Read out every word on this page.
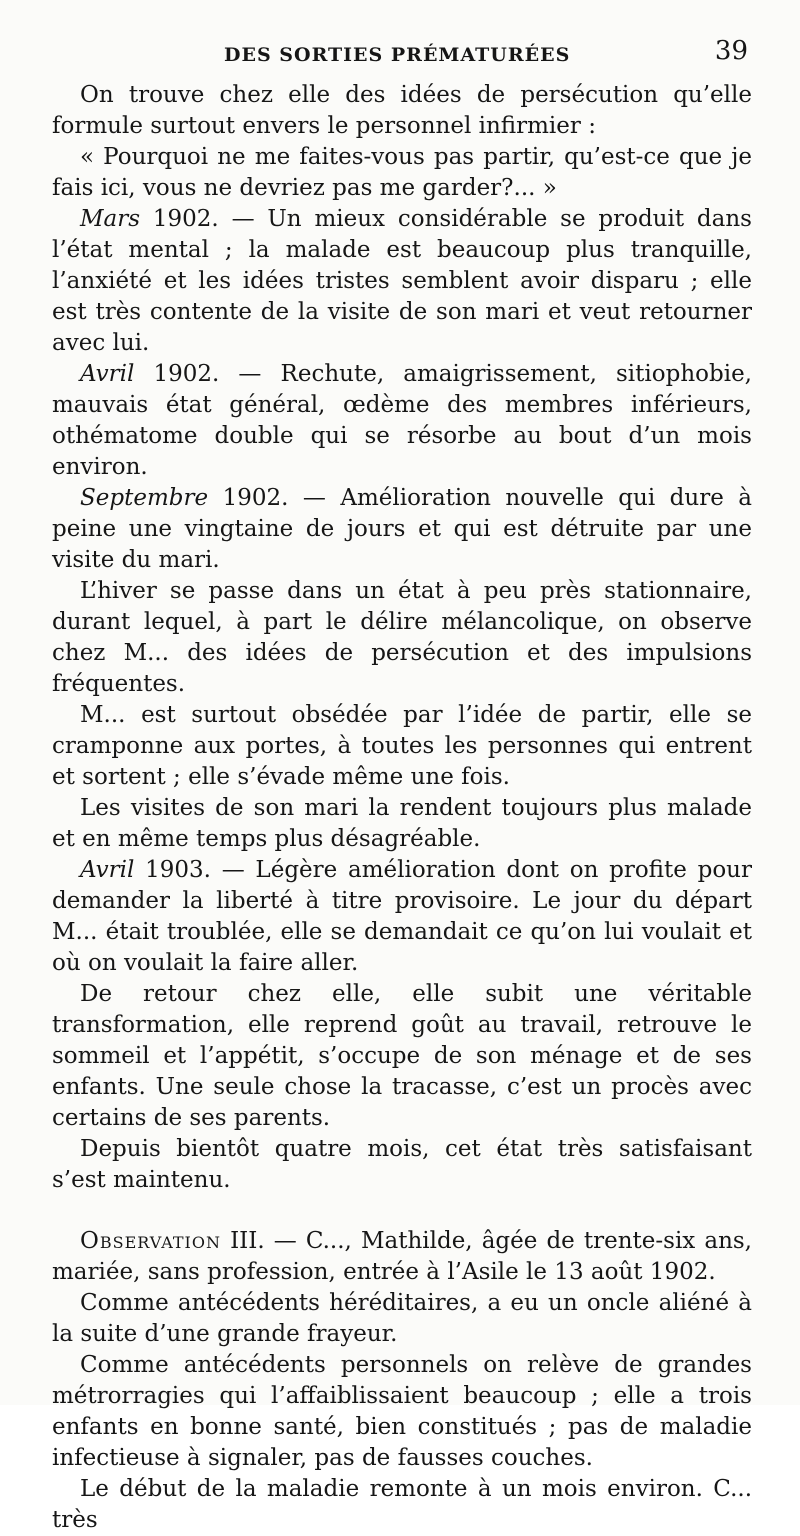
DES SORTIES PRÉMATURÉES	39

On trouve chez elle des idées de persécution qu’elle formule surtout envers le personnel infirmier :

« Pourquoi ne me faites-vous pas partir, qu’est-ce que je fais ici, vous ne devriez pas me garder?... »

Mars 1902. — Un mieux considérable se produit dans l’état mental ; la malade est beaucoup plus tranquille, l’anxiété et les idées tristes semblent avoir disparu ; elle est très contente de la visite de son mari et veut retourner avec lui.

Avril 1902. — Rechute, amaigrissement, sitiophobie, mauvais état général, œdème des membres inférieurs, othématome double qui se résorbe au bout d’un mois environ.

Septembre 1902. — Amélioration nouvelle qui dure à peine une vingtaine de jours et qui est détruite par une visite du mari.

L’hiver se passe dans un état à peu près stationnaire, durant lequel, à part le délire mélancolique, on observe chez M... des idées de persécution et des impulsions fréquentes.

M... est surtout obsédée par l’idée de partir, elle se cramponne aux portes, à toutes les personnes qui entrent et sortent ; elle s’évade même une fois.

Les visites de son mari la rendent toujours plus malade et en même temps plus désagréable.

Avril 1903. — Légère amélioration dont on profite pour demander la liberté à titre provisoire. Le jour du départ M... était troublée, elle se demandait ce qu’on lui voulait et où on voulait la faire aller.

De retour chez elle, elle subit une véritable transformation, elle reprend goût au travail, retrouve le sommeil et l’appétit, s’occupe de son ménage et de ses enfants. Une seule chose la tracasse, c’est un procès avec certains de ses parents.

Depuis bientôt quatre mois, cet état très satisfaisant s’est maintenu.

Observation III. — C..., Mathilde, âgée de trente-six ans, mariée, sans profession, entrée à l’Asile le 13 août 1902.

Comme antécédents héréditaires, a eu un oncle aliéné à la suite d’une grande frayeur.

Comme antécédents personnels on relève de grandes métrorragies qui l’affaiblissaient beaucoup ; elle a trois enfants en bonne santé, bien constitués ; pas de maladie infectieuse à signaler, pas de fausses couches.

Le début de la maladie remonte à un mois environ. C... très
